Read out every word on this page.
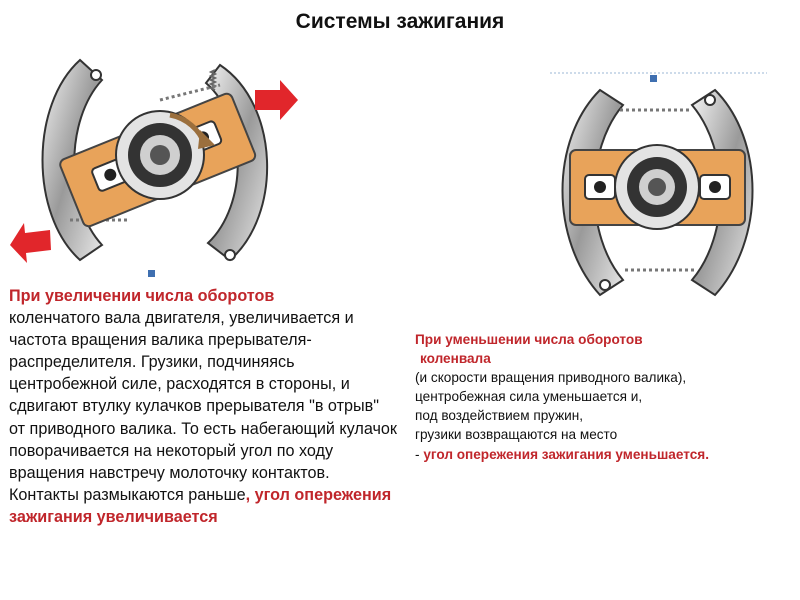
Системы зажигания
При увеличении числа оборотов
коленчатого вала двигателя, увеличивается и частота вращения валика прерывателя-распределителя. Грузики, подчиняясь центробежной силе, расходятся в стороны, и сдвигают втулку кулачков прерывателя "в отрыв" от приводного валика. То есть набегающий кулачок поворачивается на некоторый угол по ходу вращения навстречу молоточку контактов. Контакты размыкаются раньше, угол опережения зажигания увеличивается
При уменьшении числа оборотов
коленвала
(и скорости вращения приводного валика),
центробежная сила уменьшается и,
под воздействием пружин,
грузики возвращаются на место
- угол опережения зажигания уменьшается.
